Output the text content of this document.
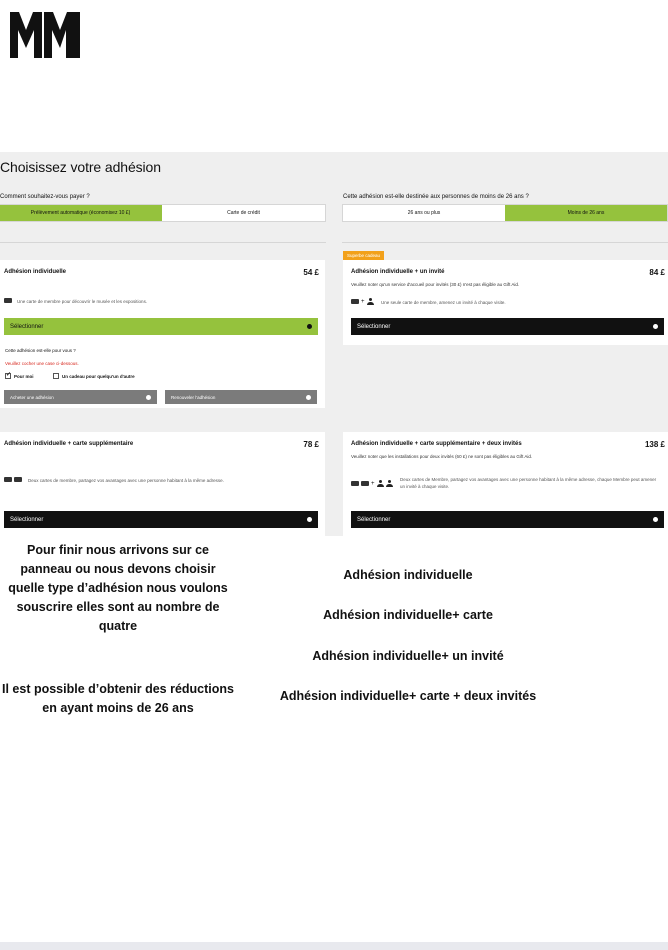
Choisissez votre adhésion
Comment souhaitez-vous payer ?
Prélèvement automatique (économisez 10 £)	Carte de crédit
Cette adhésion est-elle destinée aux personnes de moins de 26 ans ?
26 ans ou plus	Moins de 26 ans
Adhésion individuelle	54 £
Une carte de membre pour découvrir le musée et les expositions.
Sélectionner
Cette adhésion est-elle pour vous ?
Veuillez cocher une case ci-dessous.
✓Pour moi	Un cadeau pour quelqu'un d'autre
Acheter une adhésion	Renouveler l'adhésion
Superbe cadeau
Adhésion individuelle + un invité	84 £
Veuillez noter qu'un service d'accueil pour invités (30 £) n'est pas éligible au Gift Aid.
+	Une seule carte de membre, amenez un invité à chaque visite.
Sélectionner
Adhésion individuelle + carte supplémentaire	78 £
Deux cartes de membre, partagez vos avantages avec une personne habitant à la même adresse.
Sélectionner
Adhésion individuelle + carte supplémentaire + deux invités	138 £
Veuillez noter que les installations pour deux invités (60 £) ne sont pas éligibles au Gift Aid.
+
Deux cartes de Membre, partagez vos avantages avec une personne habitant à la même adresse, chaque Membre peut amener un invité à chaque visite.
Sélectionner
Pour finir nous arrivons sur ce panneau ou nous devons choisir quelle type d’adhésion nous voulons souscrire elles sont au nombre de quatre
Il est possible d’obtenir des réductions en ayant moins de 26 ans
Adhésion individuelle
Adhésion individuelle+ carte
Adhésion individuelle+ un invité
Adhésion individuelle+ carte + deux invités
